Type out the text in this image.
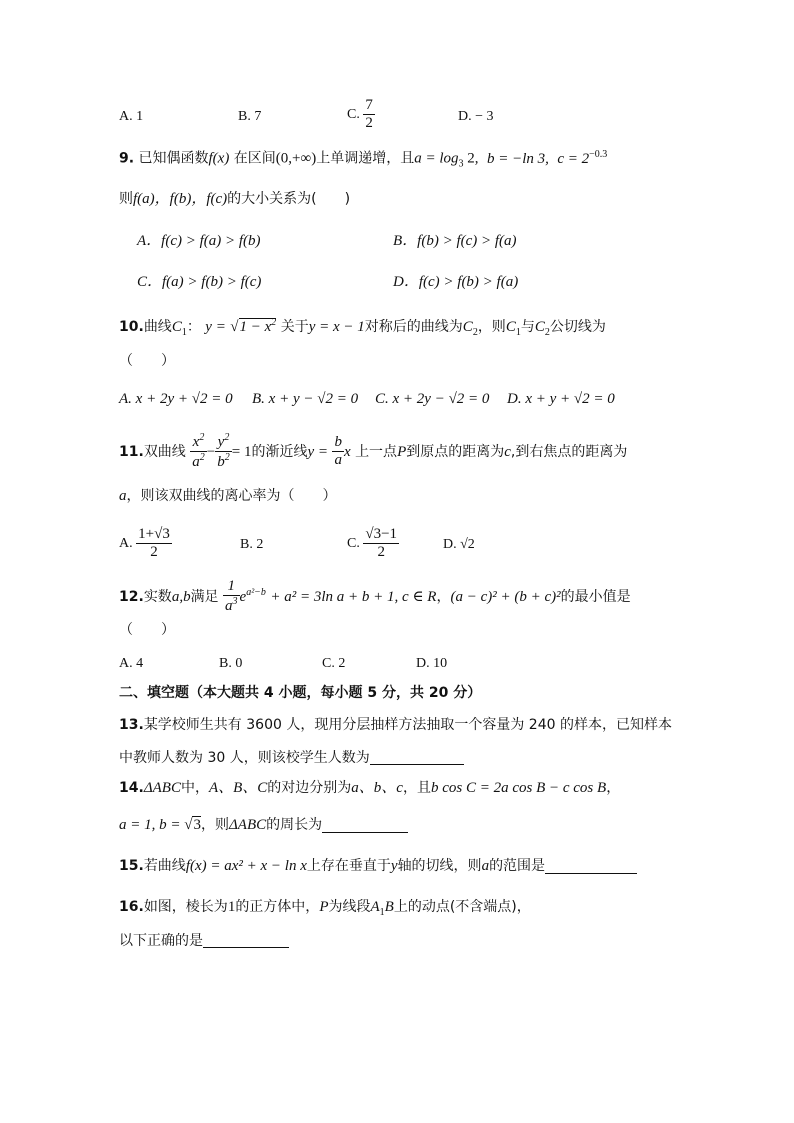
A. 1	B. 7	C. $\frac{7}{2}$	D. − 3
9. 已知偶函数f(x) 在区间(0,+∞)上单调递增，且$a = \log_3 2$, b = −ln 3, $c = 2^{-0.3}$
则f(a)，f(b)，f(c)的大小关系为(　　)
A．f(c) > f(a) > f(b)	B．f(b) > f(c) > f(a)
C．f(a) > f(b) > f(c)	D．f(c) > f(b) > f(a)
10.曲线$C_1$： $y = √1 - x^2$ 关于y = x − 1对称后的曲线为$C_2$，则$C_1$与$C_2$公切线为
（　　）
A. x + 2y + √2 = 0 B. x + y − √2 = 0 C. x + 2y − √2 = 0 D. x + y + √2 = 0
11.双曲线 $\frac{x^2}{a^2} - \frac{y^2}{b^2} = 1$的渐近线$y = \frac{b}{a}$ x 上一点P到原点的距离为c,到右焦点的距离为
a，则该双曲线的离心率为（　　）
A. $\frac{1+√3}{2}$	B. 2	C. $\frac{√3-1}{2}$	D. √2
12.实数a,b满足 $\frac{1}{a^3} e^{a^2-b} + a^2 = 3\ln$ a + b + 1, c ∈ R，(a − c)² + (b + c)²的最小值是
（　　）
A. 4	B. 0	C. 2	D. 10
二、填空题（本大题共 4 小题，每小题 5 分，共 20 分）
13.某学校师生共有 3600 人，现用分层抽样方法抽取一个容量为 240 的样本，已知样本
中教师人数为 30 人，则该校学生人数为
14.ΔABC中，A、B、C的对边分别为a、b、c，且b cos C = 2a cos B − c cos B，
a = 1, b = √3，则ΔABC的周长为
15.若曲线f(x) = ax² + x − ln x上存在垂直于y轴的切线，则a的范围是
16.如图，棱长为1的正方体中，P为线段$A_1B$上的动点(不含端点)，
以下正确的是
